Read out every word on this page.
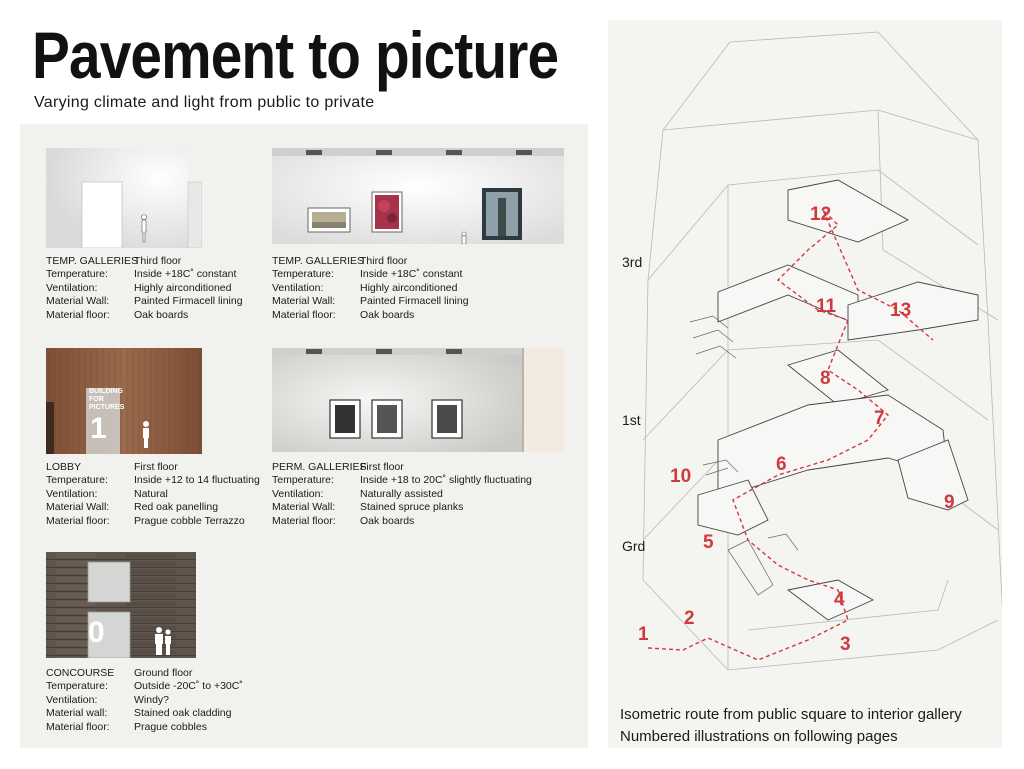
Pavement to picture
Varying climate and light from public to private
BUILDING
FOR
PICTURES
1
0
TEMP. GALLERIES
Third floor
Temperature: Inside +18C˚ constant
Ventilation:	Highly airconditioned
Material Wall: Painted Firmacell lining
Material floor: Oak boards
TEMP. GALLERIES
Third floor
Temperature: Inside +18C˚ constant
Ventilation:	Highly airconditioned
Material Wall: Painted Firmacell lining
Material floor: Oak boards
LOBBY	First floor
Temperature: Inside +12 to 14 fluctuating
Ventilation:	Natural
Material Wall: Red oak panelling
Material floor: Prague cobble Terrazzo
PERM. GALLERIES
First floor
Temperature: Inside +18 to 20C˚ slightly fluctuating
Ventilation:	Naturally assisted
Material Wall: Stained spruce planks
Material floor: Oak boards
CONCOURSE Ground floor
Temperature: Outside -20C˚ to +30C˚
Ventilation:	Windy?
Material wall:	Stained oak cladding
Material floor: Prague cobbles
1
2
3
4
5
6
7
8
9
10
11
12
13
3rd
1st
Grd
Isometric route from public square to interior gallery
Numbered illustrations on following pages
